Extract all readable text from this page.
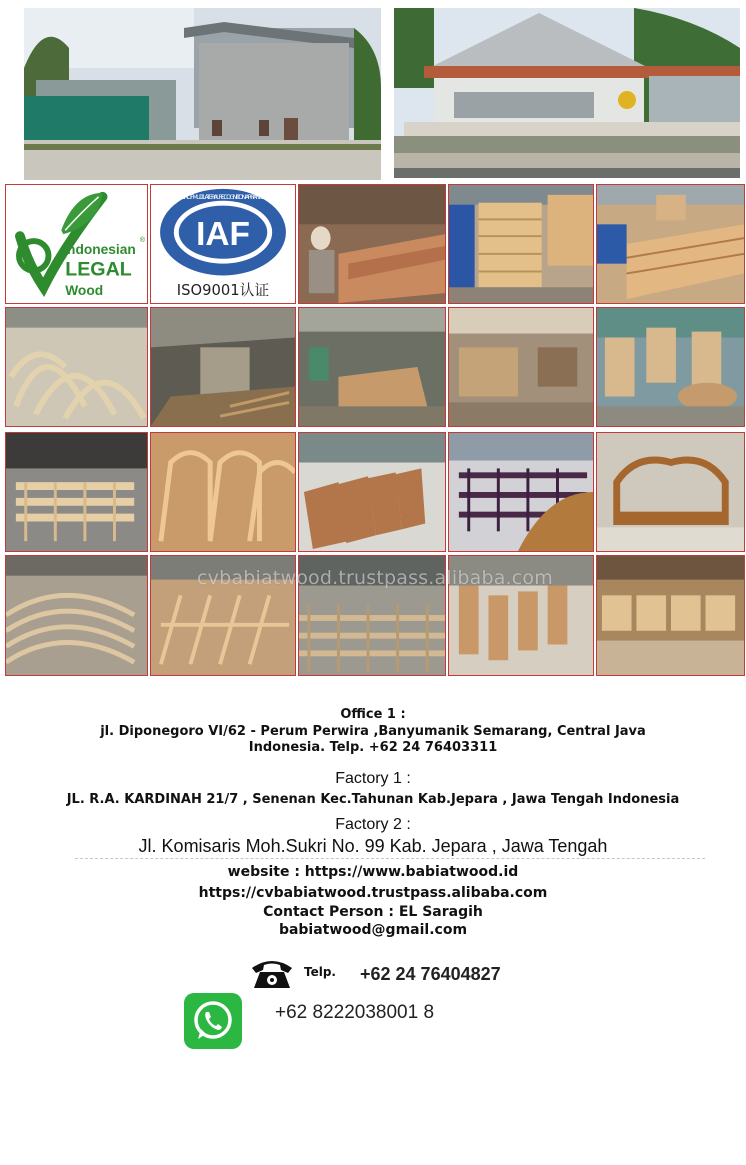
Indonesian
LEGAL
Wood
®
MEMBER OF MULTILATERAL RECOGNITION ARRANGEMENT
IAF
ISO9001认证
cvbabiatwood.trustpass.alibaba.com
Office 1 :
jl. Diponegoro VI/62 - Perum Perwira ,Banyumanik Semarang, Central Java
Indonesia. Telp. +62 24 76403311
Factory 1 :
JL. R.A. KARDINAH 21/7 , Senenan Kec.Tahunan Kab.Jepara , Jawa Tengah Indonesia
Factory 2 :
Jl. Komisaris Moh.Sukri No. 99 Kab. Jepara , Jawa Tengah
website : https://www.babiatwood.id
https://cvbabiatwood.trustpass.alibaba.com
Contact Person : EL Saragih
babiatwood@gmail.com
Telp. +62 24 76404827
+62 8222038001 8
